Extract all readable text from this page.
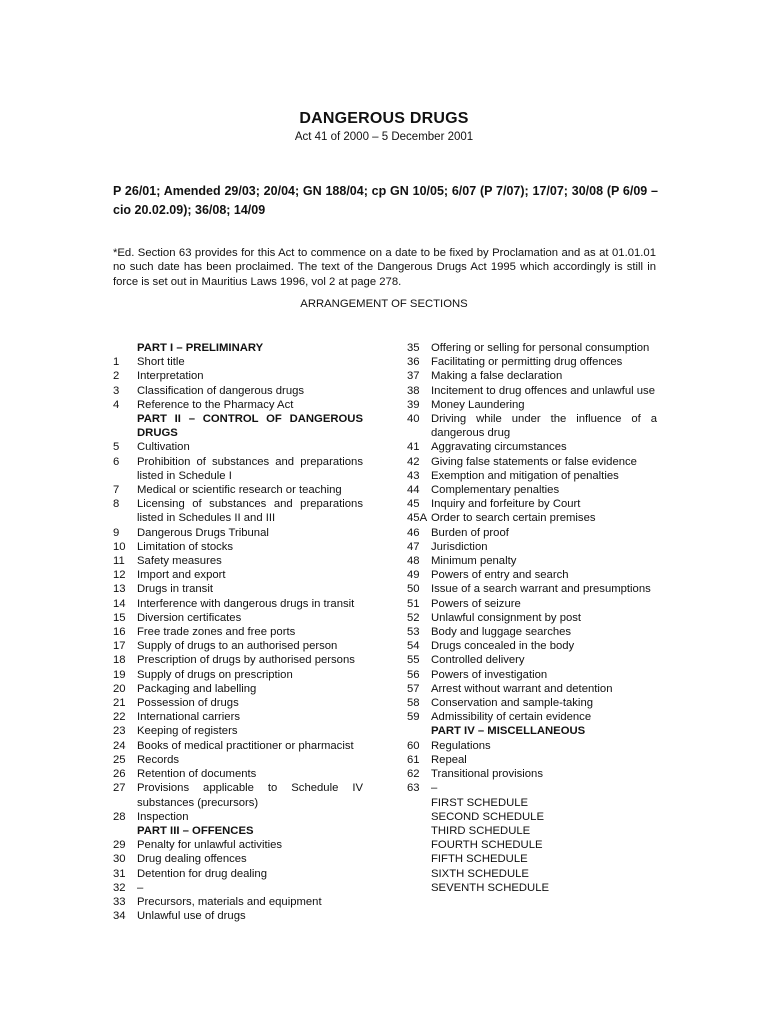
DANGEROUS DRUGS
Act 41 of 2000 – 5 December 2001
P 26/01; Amended 29/03; 20/04; GN 188/04; cp GN 10/05; 6/07 (P 7/07); 17/07; 30/08 (P 6/09 – cio 20.02.09); 36/08; 14/09
*Ed. Section 63 provides for this Act to commence on a date to be fixed by Proclamation and as at 01.01.01 no such date has been proclaimed. The text of the Dangerous Drugs Act 1995 which accordingly is still in force is set out in Mauritius Laws 1996, vol 2 at page 278.
ARRANGEMENT OF SECTIONS
PART I – PRELIMINARY
1	Short title
2	Interpretation
3	Classification of dangerous drugs
4	Reference to the Pharmacy Act
PART II – CONTROL OF DANGEROUS DRUGS
5	Cultivation
6	Prohibition of substances and preparations listed in Schedule I
7	Medical or scientific research or teaching
8	Licensing of substances and preparations listed in Schedules II and III
9	Dangerous Drugs Tribunal
10	Limitation of stocks
11	Safety measures
12	Import and export
13	Drugs in transit
14	Interference with dangerous drugs in transit
15	Diversion certificates
16	Free trade zones and free ports
17	Supply of drugs to an authorised person
18	Prescription of drugs by authorised persons
19	Supply of drugs on prescription
20	Packaging and labelling
21	Possession of drugs
22	International carriers
23	Keeping of registers
24	Books of medical practitioner or pharmacist
25	Records
26	Retention of documents
27	Provisions applicable to Schedule IV substances (precursors)
28	Inspection
PART III – OFFENCES
29	Penalty for unlawful activities
30	Drug dealing offences
31	Detention for drug dealing
32	–
33	Precursors, materials and equipment
34	Unlawful use of drugs
35	Offering or selling for personal consumption
36	Facilitating or permitting drug offences
37	Making a false declaration
38	Incitement to drug offences and unlawful use
39	Money Laundering
40	Driving while under the influence of a dangerous drug
41	Aggravating circumstances
42	Giving false statements or false evidence
43	Exemption and mitigation of penalties
44	Complementary penalties
45	Inquiry and forfeiture by Court
45A Order to search certain premises
46	Burden of proof
47	Jurisdiction
48	Minimum penalty
49	Powers of entry and search
50	Issue of a search warrant and presumptions
51	Powers of seizure
52	Unlawful consignment by post
53	Body and luggage searches
54	Drugs concealed in the body
55	Controlled delivery
56	Powers of investigation
57	Arrest without warrant and detention
58	Conservation and sample-taking
59	Admissibility of certain evidence
PART IV – MISCELLANEOUS
60	Regulations
61	Repeal
62	Transitional provisions
63	–
FIRST SCHEDULE
SECOND SCHEDULE
THIRD SCHEDULE
FOURTH SCHEDULE
FIFTH SCHEDULE
SIXTH SCHEDULE
SEVENTH SCHEDULE
